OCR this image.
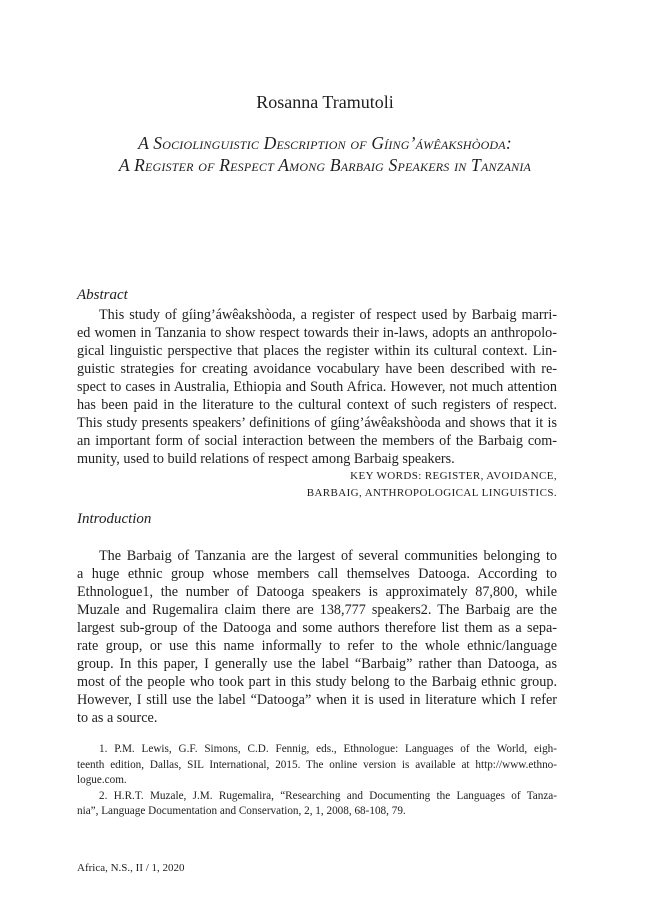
Rosanna Tramutoli
A Sociolinguistic Description of Gíing’áwêakshòoda:
A Register of Respect Among Barbaig Speakers in Tanzania
Abstract
This study of gíing’áwêakshòoda, a register of respect used by Barbaig marri-
ed women in Tanzania to show respect towards their in-laws, adopts an anthropolo-
gical linguistic perspective that places the register within its cultural context. Lin-
guistic strategies for creating avoidance vocabulary have been described with re-
spect to cases in Australia, Ethiopia and South Africa. However, not much attention
has been paid in the literature to the cultural context of such registers of respect.
This study presents speakers’ definitions of gíing’áwêakshòoda and shows that it is
an important form of social interaction between the members of the Barbaig com-
munity, used to build relations of respect among Barbaig speakers.
KEY WORDS: REGISTER, AVOIDANCE,
BARBAIG, ANTHROPOLOGICAL LINGUISTICS.
Introduction
The Barbaig of Tanzania are the largest of several communities belonging to
a huge ethnic group whose members call themselves Datooga. According to
Ethnologue1, the number of Datooga speakers is approximately 87,800, while
Muzale and Rugemalira claim there are 138,777 speakers2. The Barbaig are the
largest sub-group of the Datooga and some authors therefore list them as a sepa-
rate group, or use this name informally to refer to the whole ethnic/language
group. In this paper, I generally use the label “Barbaig” rather than Datooga, as
most of the people who took part in this study belong to the Barbaig ethnic group.
However, I still use the label “Datooga” when it is used in literature which I refer
to as a source.
1. P.M. Lewis, G.F. Simons, C.D. Fennig, eds., Ethnologue: Languages of the World, eigh-
teenth edition, Dallas, SIL International, 2015. The online version is available at http://www.ethno-
logue.com.
2. H.R.T. Muzale, J.M. Rugemalira, “Researching and Documenting the Languages of Tanza-
nia”, Language Documentation and Conservation, 2, 1, 2008, 68-108, 79.
Africa, N.S., II / 1, 2020
